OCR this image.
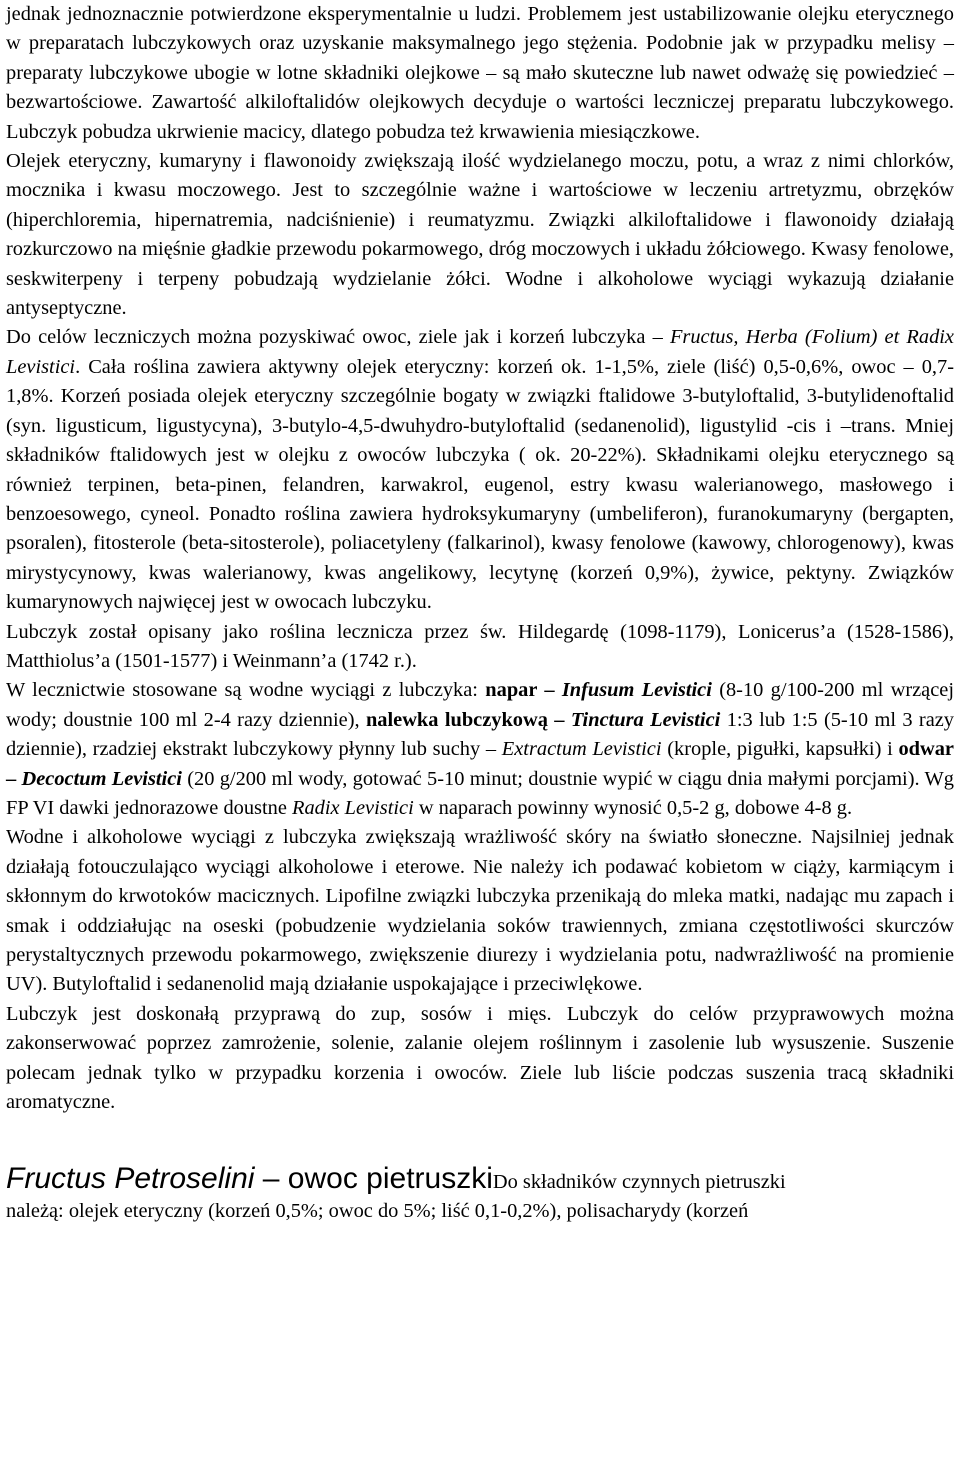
jednak jednoznacznie potwierdzone eksperymentalnie u ludzi. Problemem jest ustabilizowanie olejku eterycznego w preparatach lubczykowych oraz uzyskanie maksymalnego jego stężenia. Podobnie jak w przypadku melisy – preparaty lubczykowe ubogie w lotne składniki olejkowe – są mało skuteczne lub nawet odważę się powiedzieć – bezwartościowe. Zawartość alkiloftalidów olejkowych decyduje o wartości leczniczej preparatu lubczykowego. Lubczyk pobudza ukrwienie macicy, dlatego pobudza też krwawienia miesiączkowe.

Olejek eteryczny, kumaryny i flawonoidy zwiększają ilość wydzielanego moczu, potu, a wraz z nimi chlorków, mocznika i kwasu moczowego. Jest to szczególnie ważne i wartościowe w leczeniu artretyzmu, obrzęków (hiperchloremia, hipernatremia, nadciśnienie) i reumatyzmu. Związki alkiloftalidowe i flawonoidy działają rozkurczowo na mięśnie gładkie przewodu pokarmowego, dróg moczowych i układu żółciowego. Kwasy fenolowe, seskwiterpeny i terpeny pobudzają wydzielanie żółci. Wodne i alkoholowe wyciągi wykazują działanie antyseptyczne.

Do celów leczniczych można pozyskiwać owoc, ziele jak i korzeń lubczyka – Fructus, Herba (Folium) et Radix Levistici. Cała roślina zawiera aktywny olejek eteryczny: korzeń ok. 1-1,5%, ziele (liść) 0,5-0,6%, owoc – 0,7-1,8%. Korzeń posiada olejek eteryczny szczególnie bogaty w związki ftalidowe 3-butyloftalid, 3-butylidenoftalid (syn. ligusticum, ligustycyna), 3-butylo-4,5-dwuhydro-butyloftalid (sedanenolid), ligustylid -cis i –trans. Mniej składników ftalidowych jest w olejku z owoców lubczyka ( ok. 20-22%). Składnikami olejku eterycznego są również terpinen, beta-pinen, felandren, karwakrol, eugenol, estry kwasu walerianowego, masłowego i benzoesowego, cyneol. Ponadto roślina zawiera hydroksykumaryny (umbeliferon), furanokumaryny (bergapten, psoralen), fitosterole (beta-sitosterole), poliacetyleny (falkarinol), kwasy fenolowe (kawowy, chlorogenowy), kwas mirystycynowy, kwas walerianowy, kwas angelikowy, lecytynę (korzeń 0,9%), żywice, pektyny. Związków kumarynowych najwięcej jest w owocach lubczyku.

Lubczyk został opisany jako roślina lecznicza przez św. Hildegardę (1098-1179), Lonicerus’a (1528-1586), Matthiolus’a (1501-1577) i Weinmann’a (1742 r.).

W lecznictwie stosowane są wodne wyciągi z lubczyka: napar – Infusum Levistici (8-10 g/100-200 ml wrzącej wody; doustnie 100 ml 2-4 razy dziennie), nalewka lubczykową – Tinctura Levistici 1:3 lub 1:5 (5-10 ml 3 razy dziennie), rzadziej ekstrakt lubczykowy płynny lub suchy – Extractum Levistici (krople, pigułki, kapsułki) i odwar – Decoctum Levistici (20 g/200 ml wody, gotować 5-10 minut; doustnie wypić w ciągu dnia małymi porcjami). Wg FP VI dawki jednorazowe doustne Radix Levistici w naparach powinny wynosić 0,5-2 g, dobowe 4-8 g.

Wodne i alkoholowe wyciągi z lubczyka zwiększają wrażliwość skóry na światło słoneczne. Najsilniej jednak działają fotouczulająco wyciągi alkoholowe i eterowe. Nie należy ich podawać kobietom w ciąży, karmiącym i skłonnym do krwotoków macicznych. Lipofilne związki lubczyka przenikają do mleka matki, nadając mu zapach i smak i oddziałując na oseski (pobudzenie wydzielania soków trawiennych, zmiana częstotliwości skurczów perystaltycznych przewodu pokarmowego, zwiększenie diurezy i wydzielania potu, nadwrażliwość na promienie UV). Butyloftalid i sedanenolid mają działanie uspokajające i przeciwlękowe.

Lubczyk jest doskonałą przyprawą do zup, sosów i mięs. Lubczyk do celów przyprawowych można zakonserwować poprzez zamrożenie, solenie, zalanie olejem roślinnym i zasolenie lub wysuszenie. Suszenie polecam jednak tylko w przypadku korzenia i owoców. Ziele lub liście podczas suszenia tracą składniki aromatyczne.

Fructus Petroselini – owoc pietruszkiDo składników czynnych pietruszki

należą: olejek eteryczny (korzeń 0,5%; owoc do 5%; liść 0,1-0,2%), polisacharydy (korzeń
